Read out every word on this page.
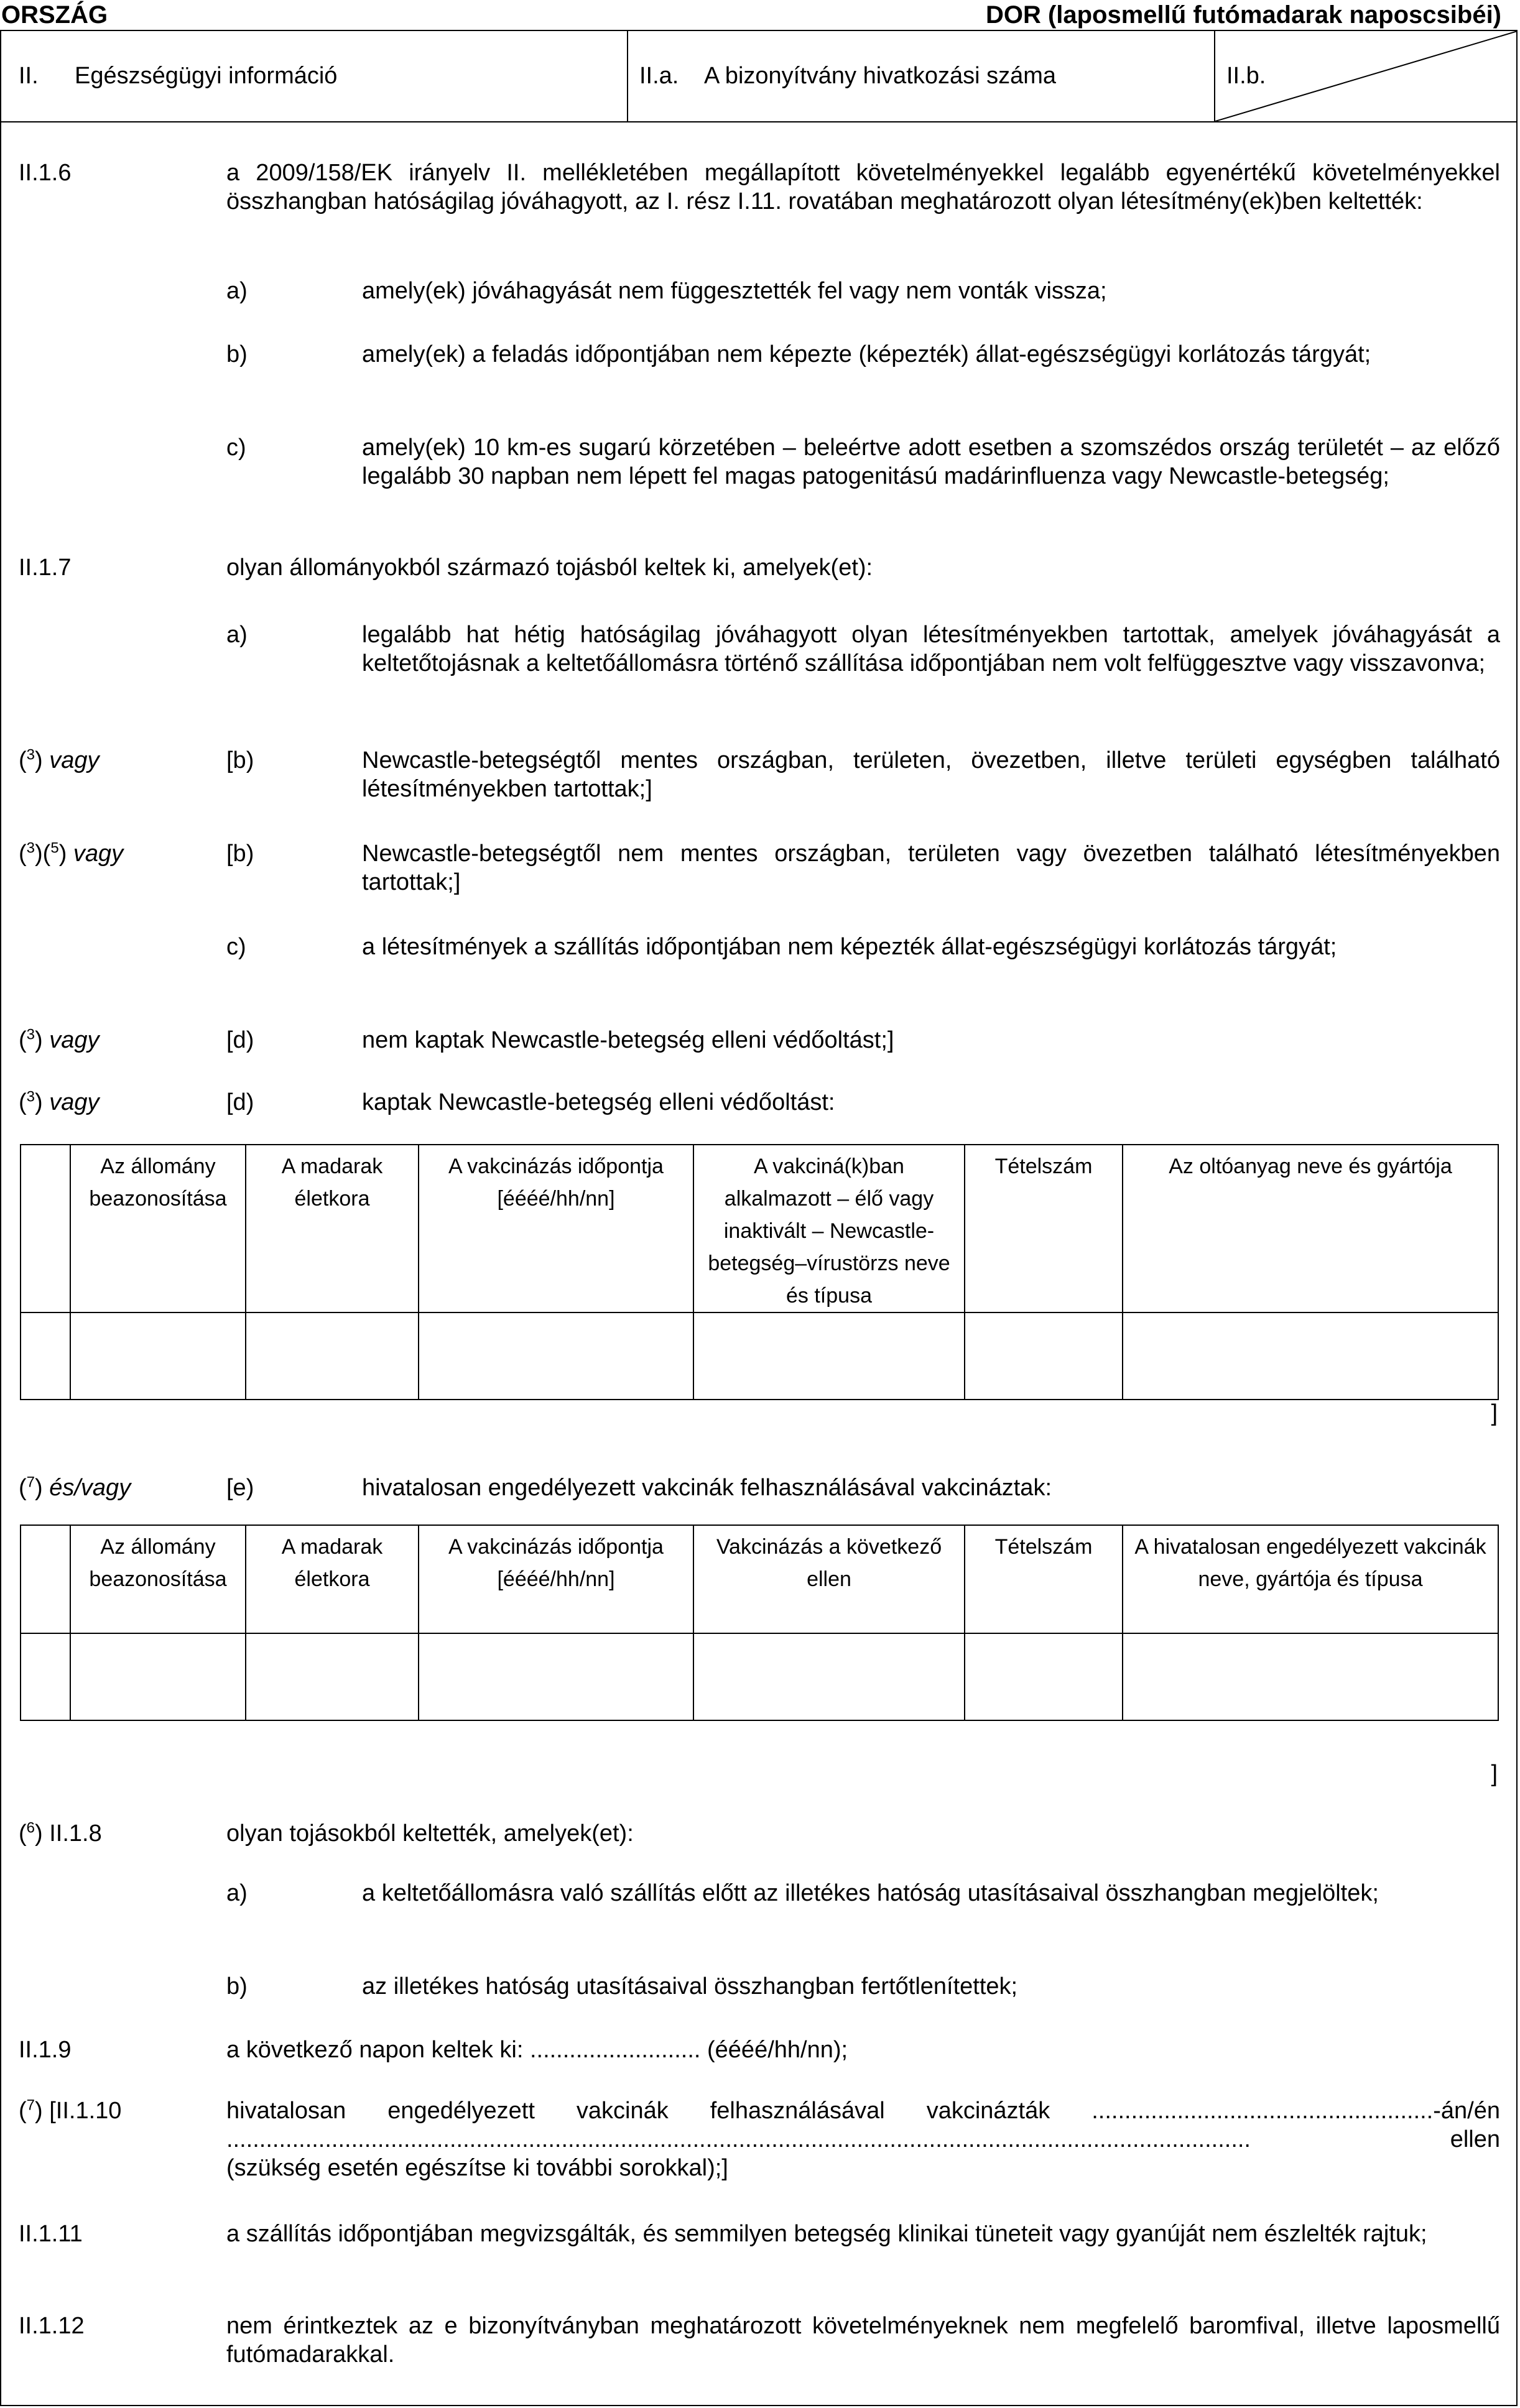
ORSZÁG	DOR (laposmellű futómadarak naposcsibéi)
II. Egészségügyi információ	II.a. A bizonyítvány hivatkozási száma	II.b.
II.1.6	a 2009/158/EK irányelv II. mellékletében megállapított követelményekkel legalább egyenértékű követelményekkel összhangban hatóságilag jóváhagyott, az I. rész I.11. rovatában meghatározott olyan létesítmény(ek)ben keltették:
a)	amely(ek) jóváhagyását nem függesztették fel vagy nem vonták vissza;
b)	amely(ek) a feladás időpontjában nem képezte (képezték) állat-egészségügyi korlátozás tárgyát;
c)	amely(ek) 10 km-es sugarú körzetében – beleértve adott esetben a szomszédos ország területét – az előző legalább 30 napban nem lépett fel magas patogenitású madárinfluenza vagy Newcastle-betegség;
II.1.7	olyan állományokból származó tojásból keltek ki, amelyek(et):
a)	legalább hat hétig hatóságilag jóváhagyott olyan létesítményekben tartottak, amelyek jóváhagyását a keltetőtojásnak a keltetőállomásra történő szállítása időpontjában nem volt felfüggesztve vagy visszavonva;
($^3$) vagy	[b)	Newcastle-betegségtől mentes országban, területen, övezetben, illetve területi egységben található létesítményekben tartottak;]
($^3$)($^5$) vagy	[b)	Newcastle-betegségtől nem mentes országban, területen vagy övezetben található létesítményekben tartottak;]
c)	a létesítmények a szállítás időpontjában nem képezték állat-egészségügyi korlátozás tárgyát;
($^3$) vagy	[d)	nem kaptak Newcastle-betegség elleni védőoltást;]
($^3$) vagy	[d)	kaptak Newcastle-betegség elleni védőoltást:
	Az állomány beazonosítása	A madarak életkora	A vakcinázás időpontja [éééé/hh/nn]	A vakciná(k)ban alkalmazott – élő vagy inaktivált – Newcastle-betegség–vírustörzs neve és típusa	Tételszám	Az oltóanyag neve és gyártója

]
($^7$) és/vagy	[e)	hivatalosan engedélyezett vakcinák felhasználásával vakcináztak:
	Az állomány beazonosítása	A madarak életkora	A vakcinázás időpontja [éééé/hh/nn]	Vakcinázás a következő ellen	Tételszám	A hivatalosan engedélyezett vakcinák neve, gyártója és típusa

]
($^6$) II.1.8	olyan tojásokból keltették, amelyek(et):
a)	a keltetőállomásra való szállítás előtt az illetékes hatóság utasításaival összhangban megjelöltek;
b)	az illetékes hatóság utasításaival összhangban fertőtlenítettek;
II.1.9	a következő napon keltek ki: .......................... (éééé/hh/nn);
($^7$) [II.1.10	hivatalosan engedélyezett vakcinák felhasználásával vakcinázták ....................................................-án/én
............................................................................................................................................................ ellen
(szükség esetén egészítse ki további sorokkal);]
II.1.11	a szállítás időpontjában megvizsgálták, és semmilyen betegség klinikai tüneteit vagy gyanúját nem észlelték rajtuk;
II.1.12	nem érintkeztek az e bizonyítványban meghatározott követelményeknek nem megfelelő baromfival, illetve laposmellű futómadarakkal.
